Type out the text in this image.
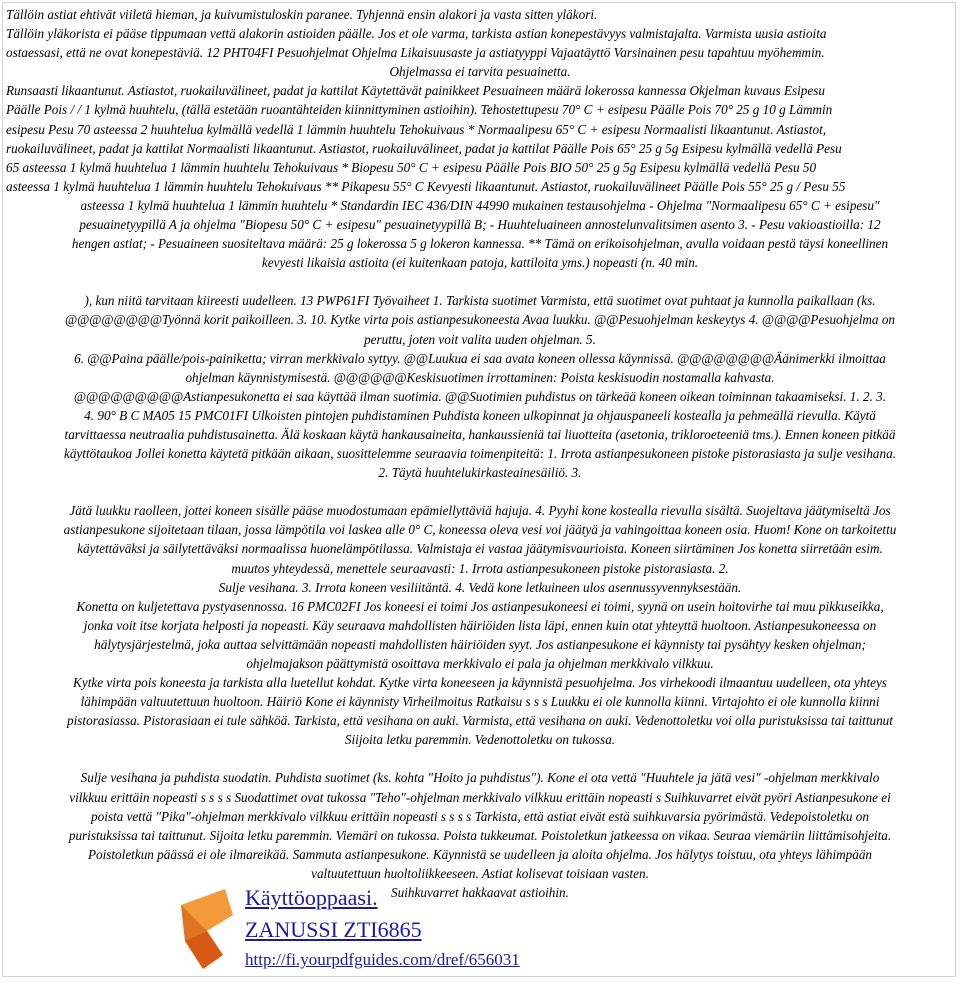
Tällöin astiat ehtivät viiletä hieman, ja kuivumistuloskin paranee. Tyhjennä ensin alakori ja vasta sitten yläkori.

Tällöin yläkorista ei pääse tippumaan vettä alakorin astioiden päälle. Jos et ole varma, tarkista astian konepestävyys valmistajalta. Varmista uusia astioita

ostaessasi, että ne ovat konepestäviä. 12 PHT04FI Pesuohjelmat Ohjelma Likaisuusaste ja astiatyyppi Vajaatäyttö Varsinainen pesu tapahtuu myöhemmin.

Ohjelmassa ei tarvita pesuainetta.

Runsaasti likaantunut. Astiastot, ruokailuvälineet, padat ja kattilat Käytettävät painikkeet Pesuaineen määrä lokerossa kannessa Okjelman kuvaus Esipesu

Päälle Pois / / 1 kylmä huuhtelu, (tällä estetään ruoantähteiden kiinnittyminen astioihin). Tehostettupesu 70° C + esipesu Päälle Pois 70° 25 g 10 g Lämmin

esipesu Pesu 70 asteessa 2 huuhtelua kylmällä vedellä 1 lämmin huuhtelu Tehokuivaus * Normaalipesu 65° C + esipesu Normaalisti likaantunut. Astiastot,

ruokailuvälineet, padat ja kattilat Normaalisti likaantunut. Astiastot, ruokailuvälineet, padat ja kattilat Päälle Pois 65° 25 g 5g Esipesu kylmällä vedellä Pesu

65 asteessa 1 kylmä huuhtelua 1 lämmin huuhtelu Tehokuivaus * Biopesu 50° C + esipesu Päälle Pois BIO 50° 25 g 5g Esipesu kylmällä vedellä Pesu 50

asteessa 1 kylmä huuhtelua 1 lämmin huuhtelu Tehokuivaus ** Pikapesu 55° C Kevyesti likaantunut. Astiastot, ruokailuvälineet Päälle Pois 55° 25 g / Pesu 55

asteessa 1 kylmä huuhtelua 1 lämmin huuhtelu * Standardin IEC 436/DIN 44990 mukainen testausohjelma - Ohjelma "Normaalipesu 65° C + esipesu"

pesuainetyypillä A ja ohjelma "Biopesu 50° C + esipesu" pesuainetyypillä B; - Huuhteluaineen annostelunvalitsimen asento 3. - Pesu vakioastioilla: 12

hengen astiat; - Pesuaineen suositeltava määrä: 25 g lokerossa 5 g lokeron kannessa. ** Tämä on erikoisohjelman, avulla voidaan pestä täysi koneellinen

kevyesti likaisia astioita (ei kuitenkaan patoja, kattiloita yms.) nopeasti (n. 40 min.

), kun niitä tarvitaan kiireesti uudelleen. 13 PWP61FI Työvaiheet 1. Tarkista suotimet Varmista, että suotimet ovat puhtaat ja kunnolla paikallaan (ks.

@@@@@@@@Työnnä korit paikoilleen. 3. 10. Kytke virta pois astianpesukoneesta Avaa luukku. @@Pesuohjelman keskeytys 4. @@@@Pesuohjelma on

peruttu, joten voit valita uuden ohjelman. 5.

6. @@Paina päälle/pois-painiketta; virran merkkivalo syttyy. @@Luukua ei saa avata koneen ollessa käynnissä. @@@@@@@@Äänimerkki ilmoittaa

ohjelman käynnistymisestä. @@@@@@Keskisuotimen irrottaminen: Poista keskisuodin nostamalla kahvasta.

@@@@@@@@@Astianpesukonetta ei saa käyttää ilman suotimia. @@Suotimien puhdistus on tärkeää koneen oikean toiminnan takaamiseksi. 1. 2. 3.

4. 90° B C MA05 15 PMC01FI Ulkoisten pintojen puhdistaminen Puhdista koneen ulkopinnat ja ohjauspaneeli kostealla ja pehmeällä rievulla. Käytä

tarvittaessa neutraalia puhdistusainetta. Älä koskaan käytä hankausaineita, hankaussieniä tai liuotteita (asetonia, trikloroeteeniä tms.). Ennen koneen pitkää

käyttötaukoa Jollei konetta käytetä pitkään aikaan, suosittelemme seuraavia toimenpiteitä: 1. Irrota astianpesukoneen pistoke pistorasiasta ja sulje vesihana.

2. Täytä huuhtelukirkasteainesäiliö. 3.

Jätä luukku raolleen, jottei koneen sisälle pääse muodostumaan epämiellyttäviä hajuja. 4. Pyyhi kone kostealla rievulla sisältä. Suojeltava jäätymiseltä Jos

astianpesukone sijoitetaan tilaan, jossa lämpötila voi laskea alle 0° C, koneessa oleva vesi voi jäätyä ja vahingoittaa koneen osia. Huom! Kone on tarkoitettu

käytettäväksi ja säilytettäväksi normaalissa huonelämpötilassa. Valmistaja ei vastaa jäätymisvaurioista. Koneen siirtäminen Jos konetta siirretään esim.

muutos yhteydessä, menettele seuraavasti: 1. Irrota astianpesukoneen pistoke pistorasiasta. 2.

Sulje vesihana. 3. Irrota koneen vesiliitäntä. 4. Vedä kone letkuineen ulos asennussyvennyksestään.

Konetta on kuljetettava pystyasennossa. 16 PMC02FI Jos koneesi ei toimi Jos astianpesukoneesi ei toimi, syynä on usein hoitovirhe tai muu pikkuseikka,

jonka voit itse korjata helposti ja nopeasti. Käy seuraava mahdollisten häiriöiden lista läpi, ennen kuin otat yhteyttä huoltoon. Astianpesukoneessa on

hälytysjärjestelmä, joka auttaa selvittämään nopeasti mahdollisten häiriöiden syyt. Jos astianpesukone ei käynnisty tai pysähtyy kesken ohjelman;

ohjelmajakson päättymistä osoittava merkkivalo ei pala ja ohjelman merkkivalo vilkkuu.

Kytke virta pois koneesta ja tarkista alla luetellut kohdat. Kytke virta koneeseen ja käynnistä pesuohjelma. Jos virhekoodi ilmaantuu uudelleen, ota yhteys

lähimpään valtuutettuun huoltoon. Häiriö Kone ei käynnisty Virheilmoitus Ratkaisu s s s Luukku ei ole kunnolla kiinni. Virtajohto ei ole kunnolla kiinni

pistorasiassa. Pistorasiaan ei tule sähköä. Tarkista, että vesihana on auki. Varmista, että vesihana on auki. Vedenottoletku voi olla puristuksissa tai taittunut

Siijoita letku paremmin. Vedenottoletku on tukossa.

Sulje vesihana ja puhdista suodatin. Puhdista suotimet (ks. kohta "Hoito ja puhdistus"). Kone ei ota vettä "Huuhtele ja jätä vesi" -ohjelman merkkivalo

vilkkuu erittäin nopeasti s s s s Suodattimet ovat tukossa "Teho"-ohjelman merkkivalo vilkkuu erittäin nopeasti s Suihkuvarret eivät pyöri Astianpesukone ei

poista vettä "Pika"-ohjelman merkkivalo vilkkuu erittäin nopeasti s s s s Tarkista, että astiat eivät estä suihkuvarsia pyörimästä. Vedepoistoletku on

puristuksissa tai taittunut. Sijoita letku paremmin. Viemäri on tukossa. Poista tukkeumat. Poistoletkun jatkeessa on vikaa. Seuraa viemäriin liittämisohjeita.

Poistoletkun päässä ei ole ilmareikää. Sammuta astianpesukone. Käynnistä se uudelleen ja aloita ohjelma. Jos hälytys toistuu, ota yhteys lähimpään

valtuutettuun huoltoliikkeeseen. Astiat kolisevat toisiaan vasten.

Suihkuvarret hakkaavat astioihin.

Käyttöoppaasi.
ZANUSSI ZTI6865
http://fi.yourpdfguides.com/dref/656031
